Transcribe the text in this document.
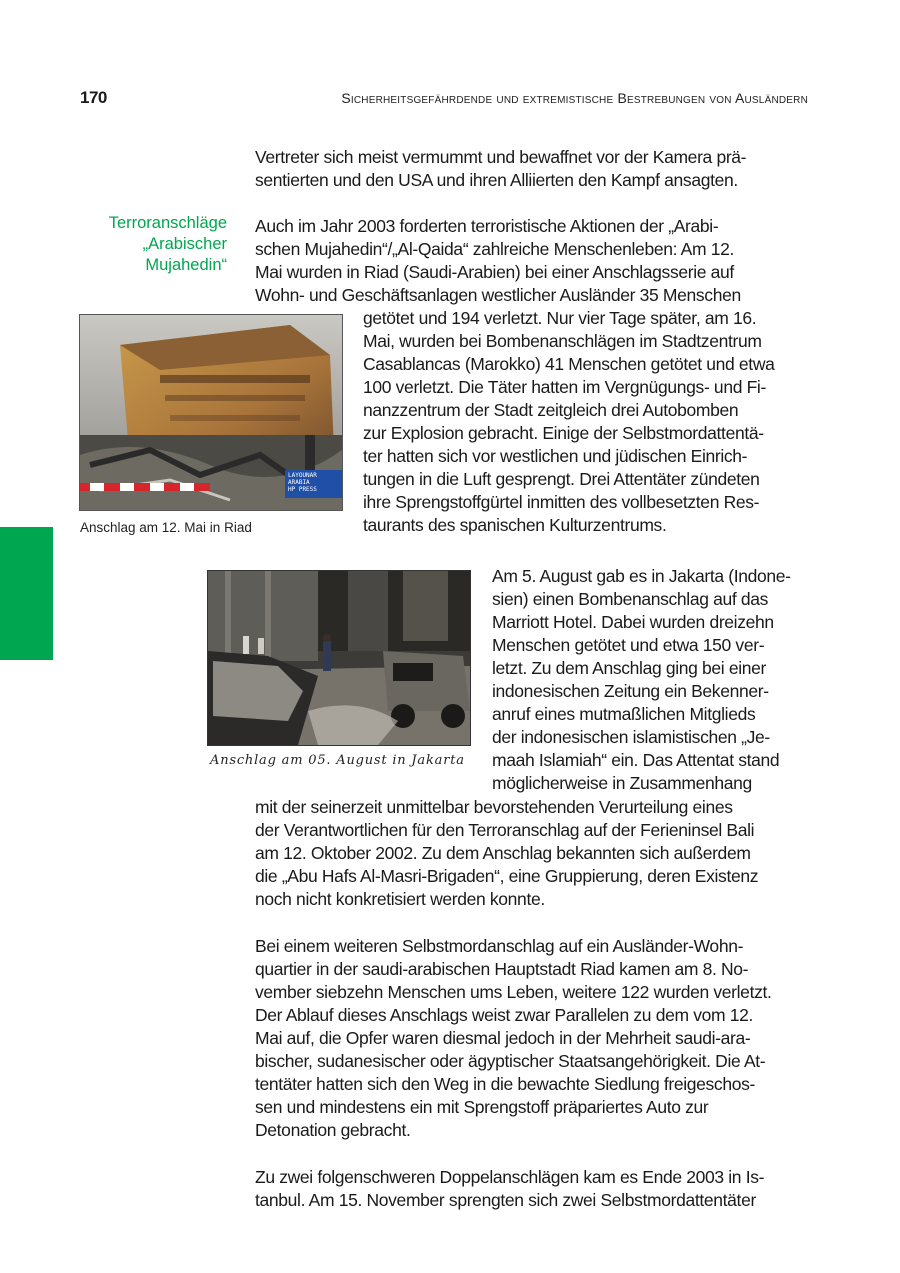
170	Sicherheitsgefährdende und extremistische Bestrebungen von Ausländern
Terroranschläge
„Arabischer
Mujahedin“
Vertreter sich meist vermummt und bewaffnet vor der Kamera prä-
sentierten und den USA und ihren Alliierten den Kampf ansagten.
Auch im Jahr 2003 forderten terroristische Aktionen der „Arabi-
schen Mujahedin“/„Al-Qaida“ zahlreiche Menschenleben: Am 12.
Mai wurden in Riad (Saudi-Arabien) bei einer Anschlagsserie auf
Wohn- und Geschäftsanlagen westlicher Ausländer 35 Menschen
getötet und 194 verletzt. Nur vier Tage später, am 16.
Mai, wurden bei Bombenanschlägen im Stadtzentrum
Casablancas (Marokko) 41 Menschen getötet und etwa
100 verletzt. Die Täter hatten im Vergnügungs- und Fi-
nanzzentrum der Stadt zeitgleich drei Autobomben
zur Explosion gebracht. Einige der Selbstmordattentä-
ter hatten sich vor westlichen und jüdischen Einrich-
tungen in die Luft gesprengt. Drei Attentäter zündeten
ihre Sprengstoffgürtel inmitten des vollbesetzten Res-
taurants des spanischen Kulturzentrums.
LAYOUNAR
ARABIA
HP PRESS
Anschlag am 12. Mai in Riad
Anschlag am 05. August in Jakarta
Am 5. August gab es in Jakarta (Indone-
sien) einen Bombenanschlag auf das
Marriott Hotel. Dabei wurden dreizehn
Menschen getötet und etwa 150 ver-
letzt. Zu dem Anschlag ging bei einer
indonesischen Zeitung ein Bekenner-
anruf eines mutmaßlichen Mitglieds
der indonesischen islamistischen „Je-
maah Islamiah“ ein. Das Attentat stand
möglicherweise in Zusammenhang
mit der seinerzeit unmittelbar bevorstehenden Verurteilung eines
der Verantwortlichen für den Terroranschlag auf der Ferieninsel Bali
am 12. Oktober 2002. Zu dem Anschlag bekannten sich außerdem
die „Abu Hafs Al-Masri-Brigaden“, eine Gruppierung, deren Existenz
noch nicht konkretisiert werden konnte.
Bei einem weiteren Selbstmordanschlag auf ein Ausländer-Wohn-
quartier in der saudi-arabischen Hauptstadt Riad kamen am 8. No-
vember siebzehn Menschen ums Leben, weitere 122 wurden verletzt.
Der Ablauf dieses Anschlags weist zwar Parallelen zu dem vom 12.
Mai auf, die Opfer waren diesmal jedoch in der Mehrheit saudi-ara-
bischer, sudanesischer oder ägyptischer Staatsangehörigkeit. Die At-
tentäter hatten sich den Weg in die bewachte Siedlung freigeschos-
sen und mindestens ein mit Sprengstoff präpariertes Auto zur
Detonation gebracht.
Zu zwei folgenschweren Doppelanschlägen kam es Ende 2003 in Is-
tanbul. Am 15. November sprengten sich zwei Selbstmordattentäter
